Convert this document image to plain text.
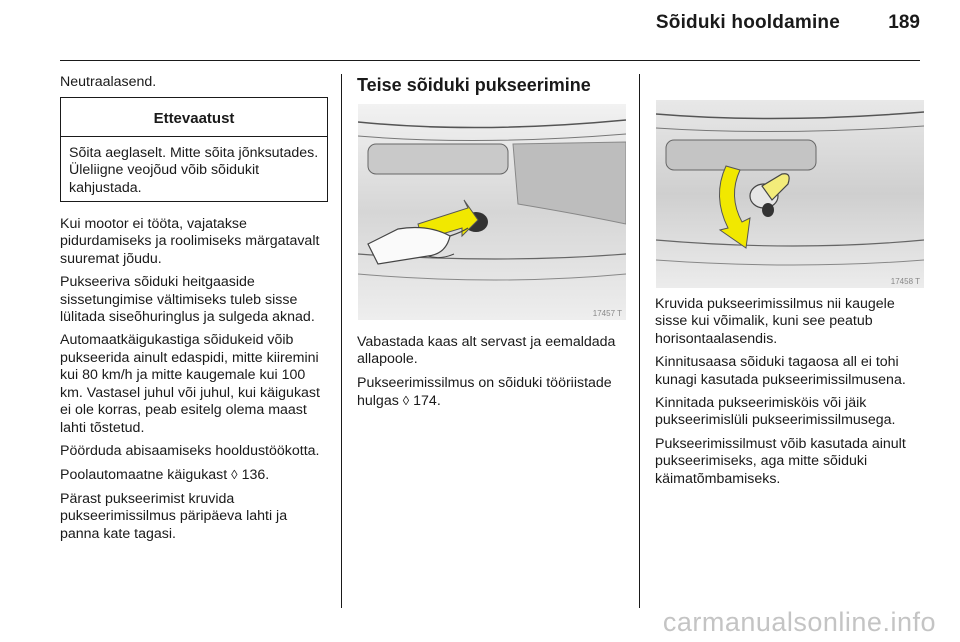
Sõiduki hooldamine	189

Neutraalasend.

Ettevaatust

Sõita aeglaselt. Mitte sõita jõnksutades. Üleliigne veojõud võib sõidukit kahjustada.

Kui mootor ei tööta, vajatakse pidurdamiseks ja roolimiseks märgatavalt suuremat jõudu.

Pukseeriva sõiduki heitgaaside sissetungimise vältimiseks tuleb sisse lülitada siseõhuringlus ja sulgeda aknad.

Automaatkäigukastiga sõidukeid võib pukseerida ainult edaspidi, mitte kiiremini kui 80 km/h ja mitte kaugemale kui 100 km. Vastasel juhul või juhul, kui käigukast ei ole korras, peab esitelg olema maast lahti tõstetud.

Pöörduda abisaamiseks hooldustöökotta.

Poolautomaatne käigukast ◊ 136.

Pärast pukseerimist kruvida pukseerimissilmus päripäeva lahti ja panna kate tagasi.

Teise sõiduki pukseerimine
17457 T

Vabastada kaas alt servast ja eemaldada allapoole.

Pukseerimissilmus on sõiduki tööriistade hulgas ◊ 174.

17458 T

Kruvida pukseerimissilmus nii kaugele sisse kui võimalik, kuni see peatub horisontaalasendis.

Kinnitusaasa sõiduki tagaosa all ei tohi kunagi kasutada pukseerimissilmusena.

Kinnitada pukseerimisköis või jäik pukseerimislüli pukseerimissilmusega.

Pukseerimissilmust võib kasutada ainult pukseerimiseks, aga mitte sõiduki käimatõmbamiseks.

carmanualsonline.info
